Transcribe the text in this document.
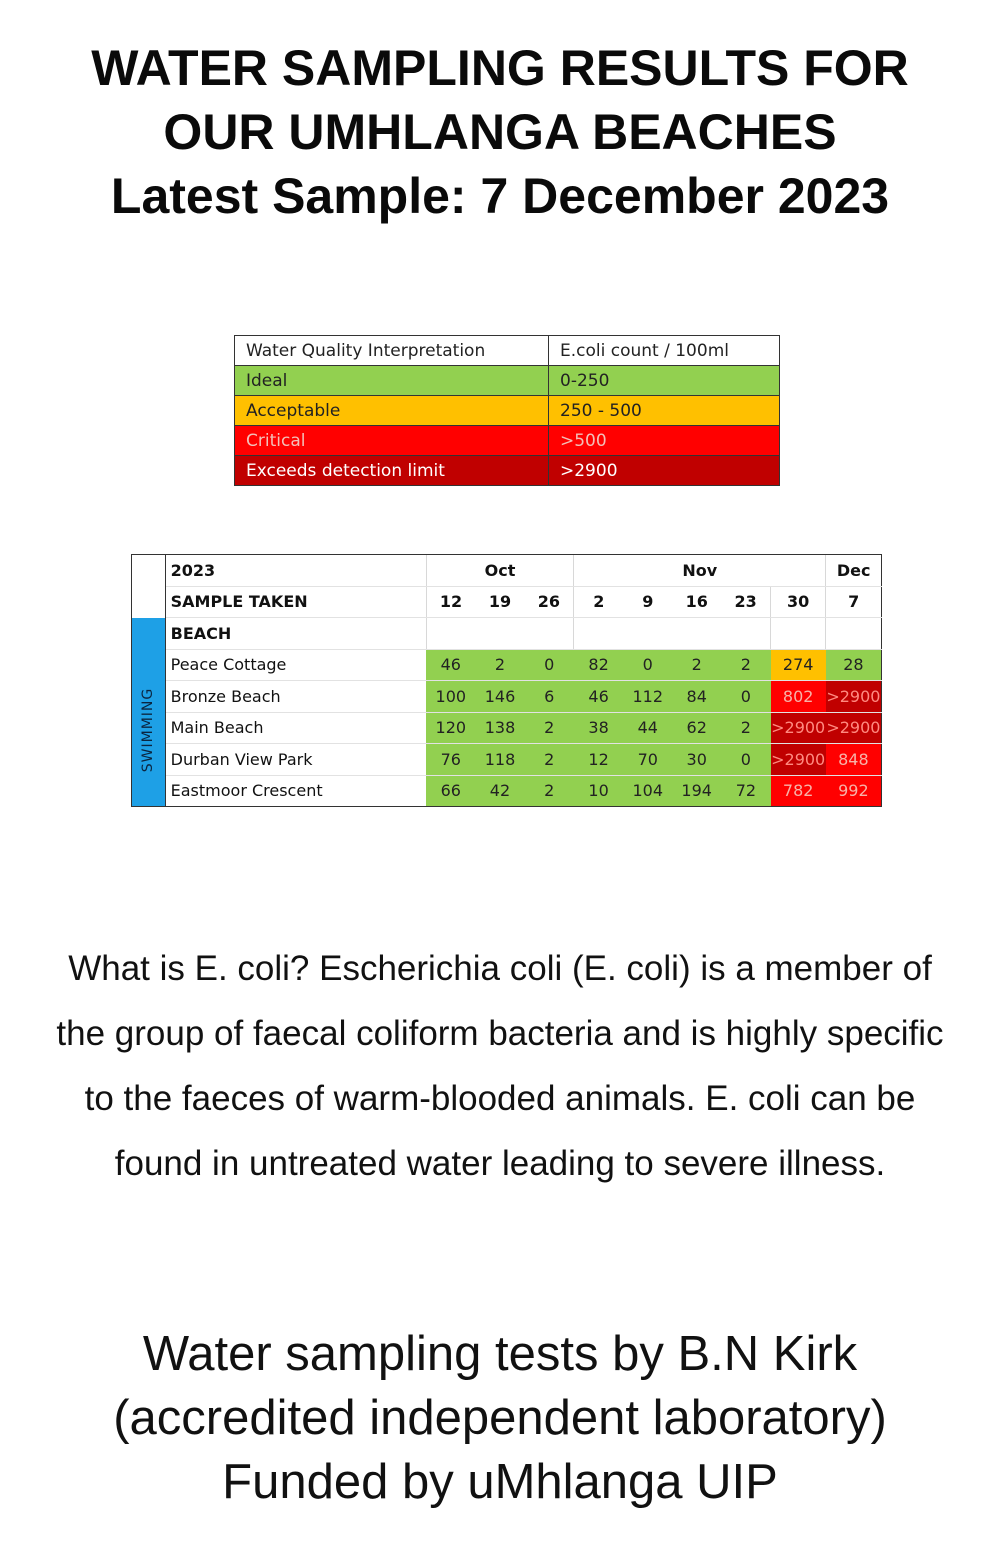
WATER SAMPLING RESULTS FOR
OUR UMHLANGA BEACHES
Latest Sample: 7 December 2023
Water Quality Interpretation	E.coli count / 100ml
Ideal	0-250
Acceptable	250 - 500
Critical	>500
Exceeds detection limit	>2900
	2023	Oct			Nov					Dec
	SAMPLE TAKEN	12	19	26	2	9	16	23	30	7
	BEACH									
	Peace Cottage	46	2	0	82	0	2	2	274	28
	Bronze Beach	100	146	6	46	112	84	0	802	>2900
	Main Beach	120	138	2	38	44	62	2	>2900	>2900
	Durban View Park	76	118	2	12	70	30	0	>2900	848
	Eastmoor Crescent	66	42	2	10	104	194	72	782	992
SWIMMING
What is E. coli? Escherichia coli (E. coli) is a member of
the group of faecal coliform bacteria and is highly specific
to the faeces of warm-blooded animals. E. coli can be
found in untreated water leading to severe illness.
Water sampling tests by B.N Kirk
(accredited independent laboratory)
Funded by uMhlanga UIP
